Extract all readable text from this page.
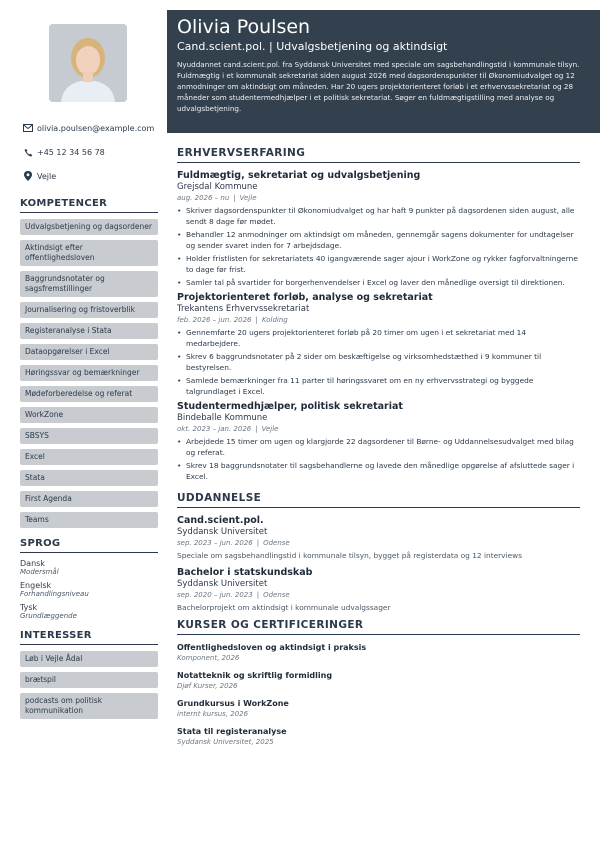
olivia.poulsen@example.com
+45 12 34 56 78
Vejle
KOMPETENCER
Udvalgsbetjening og dagsordener
Aktindsigt efter offentlighedsloven
Baggrundsnotater og sagsfremstillinger
Journalisering og fristoverblik
Registeranalyse i Stata
Dataopgørelser i Excel
Høringssvar og bemærkninger
Mødeforberedelse og referat
WorkZone
SBSYS
Excel
Stata
First Agenda
Teams
SPROG
Dansk
Modersmål
Engelsk
Forhandlingsniveau
Tysk
Grundlæggende
INTERESSER
Løb i Vejle Ådal
brætspil
podcasts om politisk kommunikation
Olivia Poulsen
Cand.scient.pol. | Udvalgsbetjening og aktindsigt
Nyuddannet cand.scient.pol. fra Syddansk Universitet med speciale om sagsbehandlingstid i kommunale tilsyn. Fuldmægtig i et kommunalt sekretariat siden august 2026 med dagsordenspunkter til Økonomiudvalget og 12 anmodninger om aktindsigt om måneden. Har 20 ugers projektorienteret forløb i et erhvervssekretariat og 28 måneder som studentermedhjælper i et politisk sekretariat. Søger en fuldmægtigstilling med analyse og udvalgsbetjening.
ERHVERVSERFARING
Fuldmægtig, sekretariat og udvalgsbetjening
Grejsdal Kommune
aug. 2026 – nu | Vejle
• Skriver dagsordenspunkter til Økonomiudvalget og har haft 9 punkter på dagsordenen siden august, alle sendt 8 dage før mødet.
• Behandler 12 anmodninger om aktindsigt om måneden, gennemgår sagens dokumenter for undtagelser og sender svaret inden for 7 arbejdsdage.
• Holder fristlisten for sekretariatets 40 igangværende sager ajour i WorkZone og rykker fagforvaltningerne to dage før frist.
• Samler tal på svartider for borgerhenvendelser i Excel og laver den månedlige oversigt til direktionen.
Projektorienteret forløb, analyse og sekretariat
Trekantens Erhvervssekretariat
feb. 2026 – jun. 2026 | Kolding
• Gennemførte 20 ugers projektorienteret forløb på 20 timer om ugen i et sekretariat med 14 medarbejdere.
• Skrev 6 baggrundsnotater på 2 sider om beskæftigelse og virksomhedstæthed i 9 kommuner til bestyrelsen.
• Samlede bemærkninger fra 11 parter til høringssvaret om en ny erhvervsstrategi og byggede talgrundlaget i Excel.
Studentermedhjælper, politisk sekretariat
Bindeballe Kommune
okt. 2023 – jan. 2026 | Vejle
• Arbejdede 15 timer om ugen og klargjorde 22 dagsordener til Børne- og Uddannelsesudvalget med bilag og referat.
• Skrev 18 baggrundsnotater til sagsbehandlerne og lavede den månedlige opgørelse af afsluttede sager i Excel.
UDDANNELSE
Cand.scient.pol.
Syddansk Universitet
sep. 2023 – jun. 2026 | Odense
Speciale om sagsbehandlingstid i kommunale tilsyn, bygget på registerdata og 12 interviews
Bachelor i statskundskab
Syddansk Universitet
sep. 2020 – jun. 2023 | Odense
Bachelorprojekt om aktindsigt i kommunale udvalgssager
KURSER OG CERTIFICERINGER
Offentlighedsloven og aktindsigt i praksis
Komponent, 2026
Notatteknik og skriftlig formidling
Djøf Kurser, 2026
Grundkursus i WorkZone
internt kursus, 2026
Stata til registeranalyse
Syddansk Universitet, 2025
